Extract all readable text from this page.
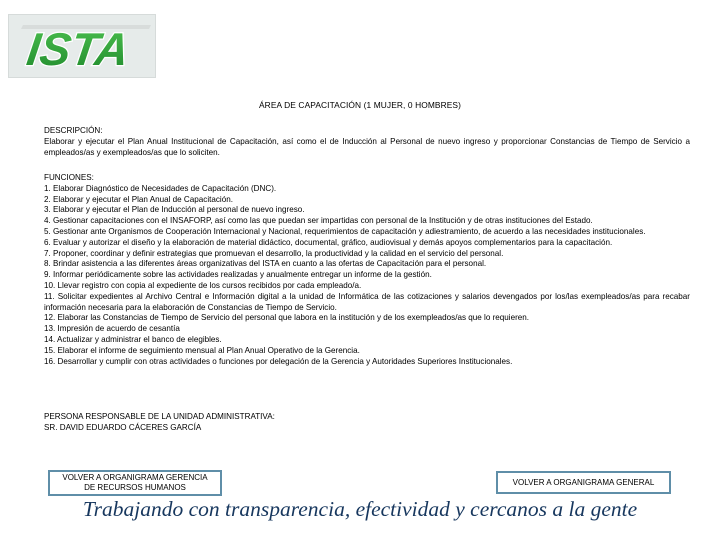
ISTA
ÁREA DE CAPACITACIÓN (1 MUJER, 0 HOMBRES)

DESCRIPCIÓN:

Elaborar y ejecutar el Plan Anual Institucional de Capacitación, así como el de Inducción al Personal de nuevo ingreso y proporcionar Constancias de Tiempo de Servicio a empleados/as y exempleados/as que lo soliciten.

FUNCIONES:

1. Elaborar Diagnóstico de Necesidades de Capacitación (DNC).

2. Elaborar y ejecutar el Plan Anual de Capacitación.

3. Elaborar y ejecutar el Plan de Inducción al personal de nuevo ingreso.

4. Gestionar capacitaciones con el INSAFORP, así como las que puedan ser impartidas con personal de la Institución y de otras instituciones del Estado.

5. Gestionar ante Organismos de Cooperación Internacional y Nacional, requerimientos de capacitación y adiestramiento, de acuerdo a las necesidades institucionales.

6. Evaluar y autorizar el diseño y la elaboración de material didáctico, documental, gráfico, audiovisual y demás apoyos complementarios para la capacitación.

7. Proponer, coordinar y definir estrategias que promuevan el desarrollo, la productividad y la calidad en el servicio del personal.

8. Brindar asistencia a las diferentes áreas organizativas del ISTA en cuanto a las ofertas de Capacitación para el personal.

9. Informar periódicamente sobre las actividades realizadas y anualmente entregar un informe de la gestión.

10. Llevar registro con copia al expediente de los cursos recibidos por cada empleado/a.

11. Solicitar expedientes al Archivo Central e Información digital a la unidad de Informática de las cotizaciones y salarios devengados por los/las exempleados/as para recabar información necesaria para la elaboración de Constancias de Tiempo de Servicio.

12. Elaborar las Constancias de Tiempo de Servicio del personal que labora en la institución y de los exempleados/as que lo requieren.

13. Impresión de acuerdo de cesantía

14. Actualizar y administrar el banco de elegibles.

15. Elaborar el informe de seguimiento mensual al Plan Anual Operativo de la Gerencia.

16. Desarrollar y cumplir con otras actividades o funciones por delegación de la Gerencia y Autoridades Superiores Institucionales.

PERSONA RESPONSABLE DE LA UNIDAD ADMINISTRATIVA:

SR. DAVID EDUARDO CÁCERES GARCÍA

VOLVER A ORGANIGRAMA GERENCIA
DE RECURSOS HUMANOS
VOLVER A ORGANIGRAMA GENERAL
Trabajando con transparencia, efectividad y cercanos a la gente
